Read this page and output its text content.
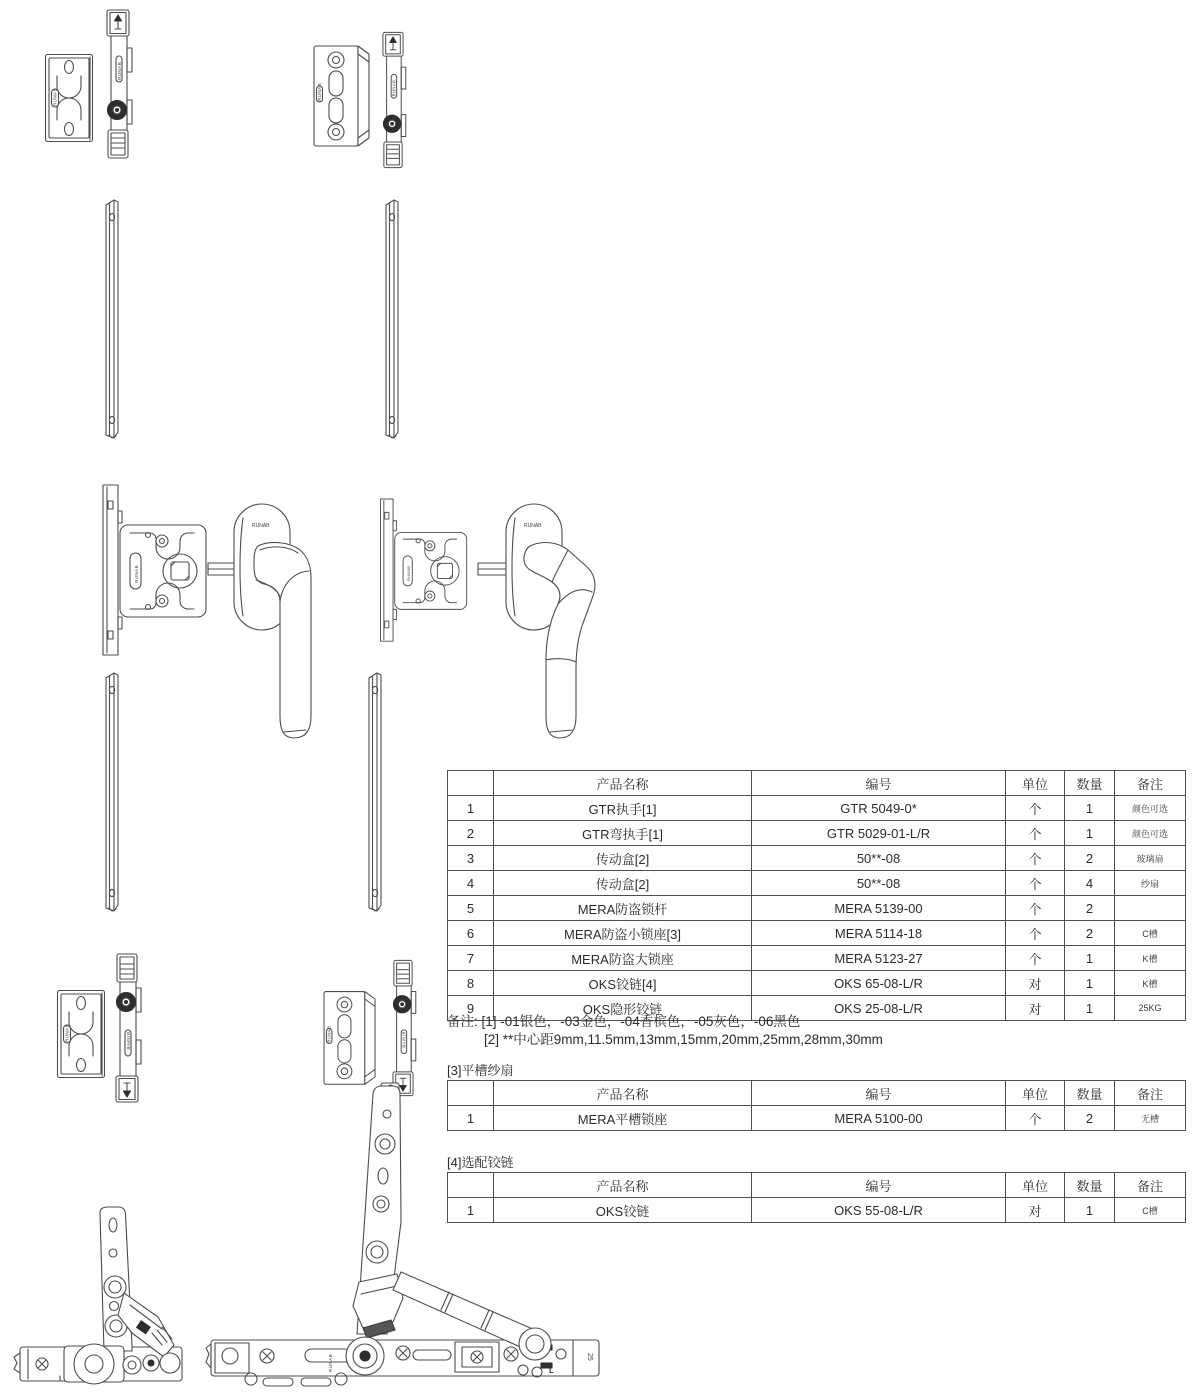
RUNAB	RUNAB
L
25
RUNAB
	产品名称	编号	单位	数量	备注
1	GTR执手[1]	GTR 5049-0*	个	1	颜色可选
2	GTR弯执手[1]	GTR 5029-01-L/R	个	1	颜色可选
3	传动盒[2]	50**-08	个	2	玻璃扇
4	传动盒[2]	50**-08	个	4	纱扇
5	MERA防盗锁杆	MERA 5139-00	个	2	
6	MERA防盗小锁座[3]	MERA 5114-18	个	2	C槽
7	MERA防盗大锁座	MERA 5123-27	个	1	K槽
8	OKS铰链[4]	OKS 65-08-L/R	对	1	K槽
9	OKS隐形铰链	OKS 25-08-L/R	对	1	25KG
备注: [1] -01银色，-03金色，-04香槟色，-05灰色，-06黑色
[2] **中心距9mm,11.5mm,13mm,15mm,20mm,25mm,28mm,30mm
[3]平槽纱扇
	产品名称	编号	单位	数量	备注
1	MERA平槽锁座	MERA 5100-00	个	2	无槽
[4]选配铰链
	产品名称	编号	单位	数量	备注
1	OKS铰链	OKS 55-08-L/R	对	1	C槽
